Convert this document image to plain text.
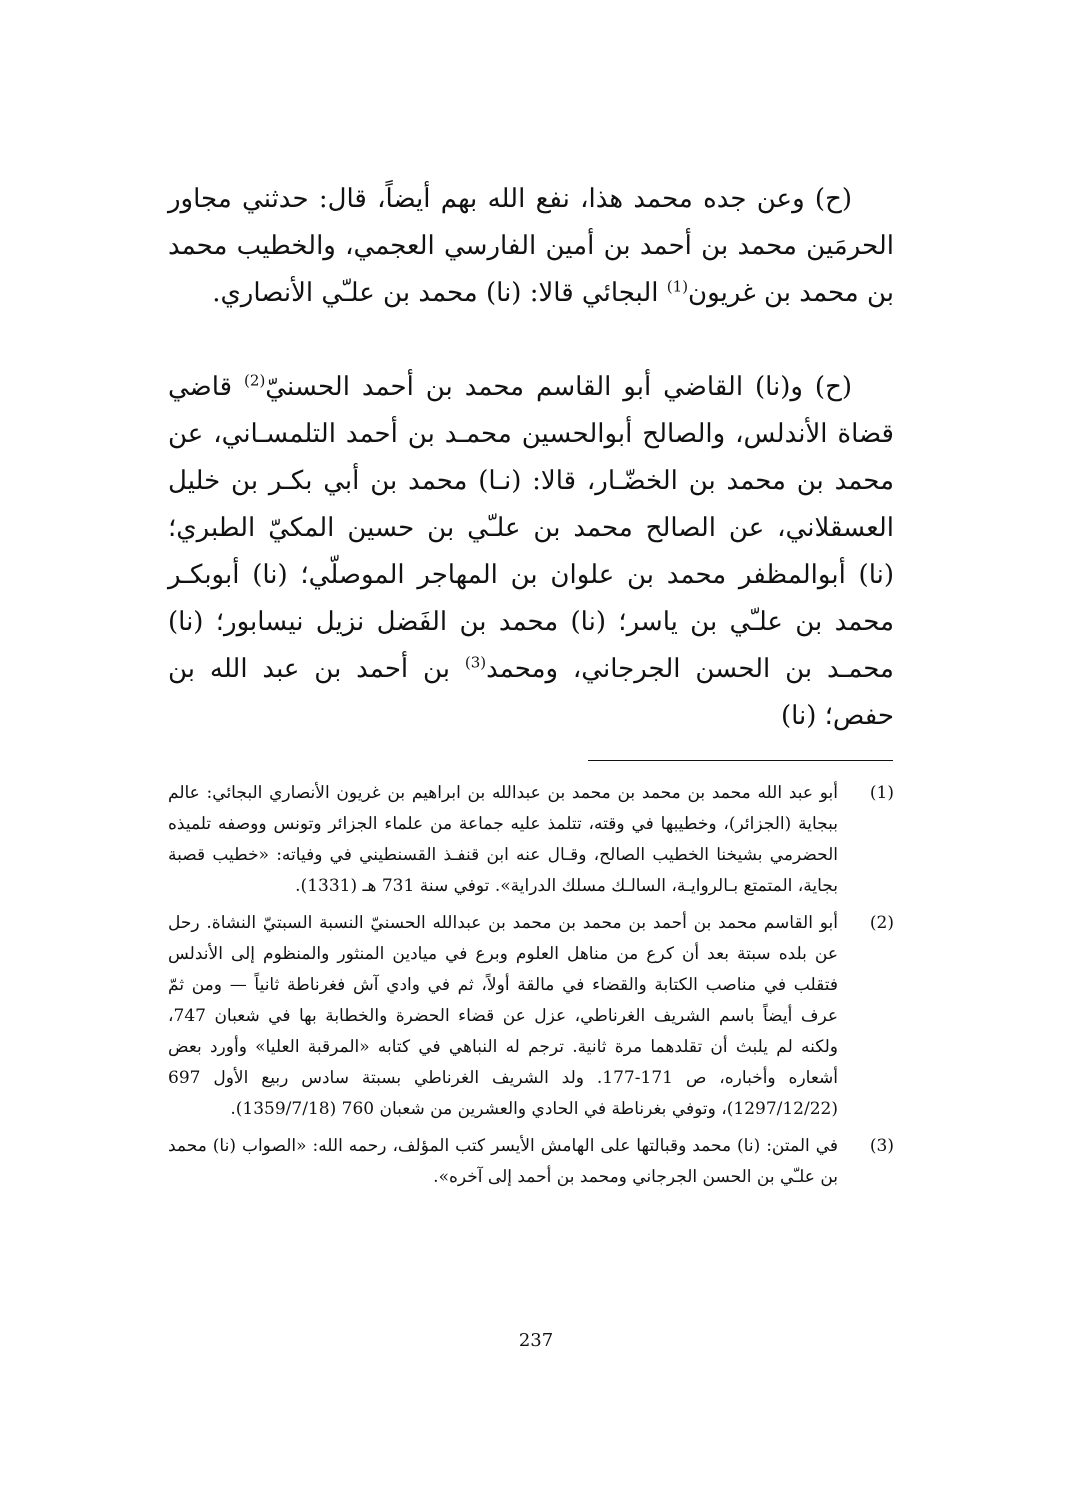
(ح) وعن جده محمد هذا، نفع الله بهم أيضاً، قال: حدثني مجاور الحرمَين محمد بن أحمد بن أمين الفارسي العجمي، والخطيب محمد بن محمد بن غريون$^{(1)}$ البجائي قالا: (نا) محمد بن علـّي الأنصاري.

(ح) و(نا) القاضي أبو القاسم محمد بن أحمد الحسنيّ$^{(2)}$ قاضي قضاة الأندلس، والصالح أبوالحسين محمـد بن أحمد التلمسـاني، عن محمد بن محمد بن الخضّـار، قالا: (نـا) محمد بن أبي بكـر بن خليل العسقلاني، عن الصالح محمد بن علـّي بن حسين المكيّ الطبري؛ (نا) أبوالمظفر محمد بن علوان بن المهاجر الموصلّي؛ (نا) أبوبكـر محمد بن علـّي بن ياسر؛ (نا) محمد بن الفَضل نزيل نيسابور؛ (نا) محمـد بن الحسن الجرجاني، ومحمد$^{(3)}$ بن أحمد بن عبد الله بن حفص؛ (نا)

(1)
أبو عبد الله محمد بن محمد بن محمد بن عبدالله بن ابراهيم بن غريون الأنصاري البجائي: عالم ببجاية (الجزائر)، وخطيبها في وقته، تتلمذ عليه جماعة من علماء الجزائر وتونس ووصفه تلميذه الحضرمي بشيخنا الخطيب الصالح، وقـال عنه ابن قنفـذ القسنطيني في وفياته: «خطيب قصبة بجاية، المتمتع بـالروايـة، السالـك مسلك الدراية». توفي سنة 731 هـ (1331).
(2)
أبو القاسم محمد بن أحمد بن محمد بن محمد بن عبدالله الحسنيّ النسبة السبتيّ النشاة. رحل عن بلده سبتة بعد أن كرع من مناهل العلوم وبرع في ميادين المنثور والمنظوم إلى الأندلس فتقلب في مناصب الكتابة والقضاء في مالقة أولاً، ثم في وادي آش فغرناطة ثانياً — ومن ثمّ عرف أيضاً باسم الشريف الغرناطي، عزل عن قضاء الحضرة والخطابة بها في شعبان 747، ولكنه لم يلبث أن تقلدهما مرة ثانية. ترجم له النباهي في كتابه «المرقبة العليا» وأورد بعض أشعاره وأخباره، ص 171-177. ولد الشريف الغرناطي بسبتة سادس ربيع الأول 697 (1297/12/22)، وتوفي بغرناطة في الحادي والعشرين من شعبان 760 (1359/7/18).
(3)
في المتن: (نا) محمد وقبالتها على الهامش الأيسر كتب المؤلف، رحمه الله: «الصواب (نا) محمد بن علـّي بن الحسن الجرجاني ومحمد بن أحمد إلى آخره».
237
